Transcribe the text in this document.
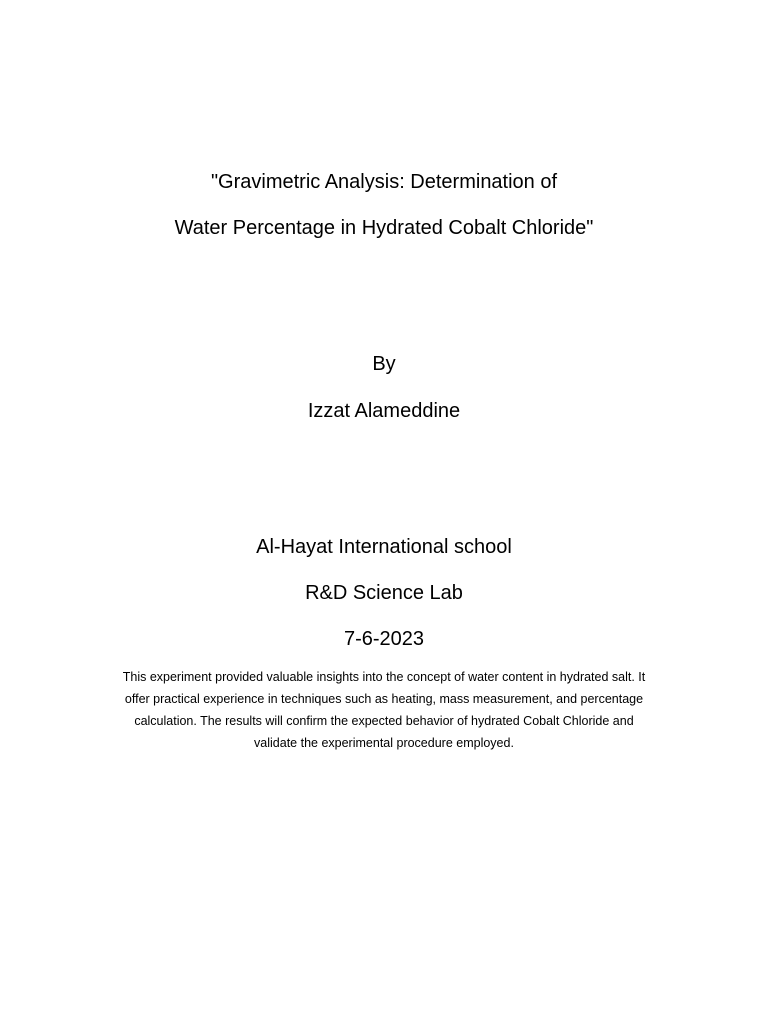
"Gravimetric Analysis: Determination of
Water Percentage in Hydrated Cobalt Chloride"
By
Izzat Alameddine
Al-Hayat International school
R&D Science Lab
7-6-2023
This experiment provided valuable insights into the concept of water content in hydrated salt. It
offer practical experience in techniques such as heating, mass measurement, and percentage
calculation. The results will confirm the expected behavior of hydrated Cobalt Chloride and
validate the experimental procedure employed.
